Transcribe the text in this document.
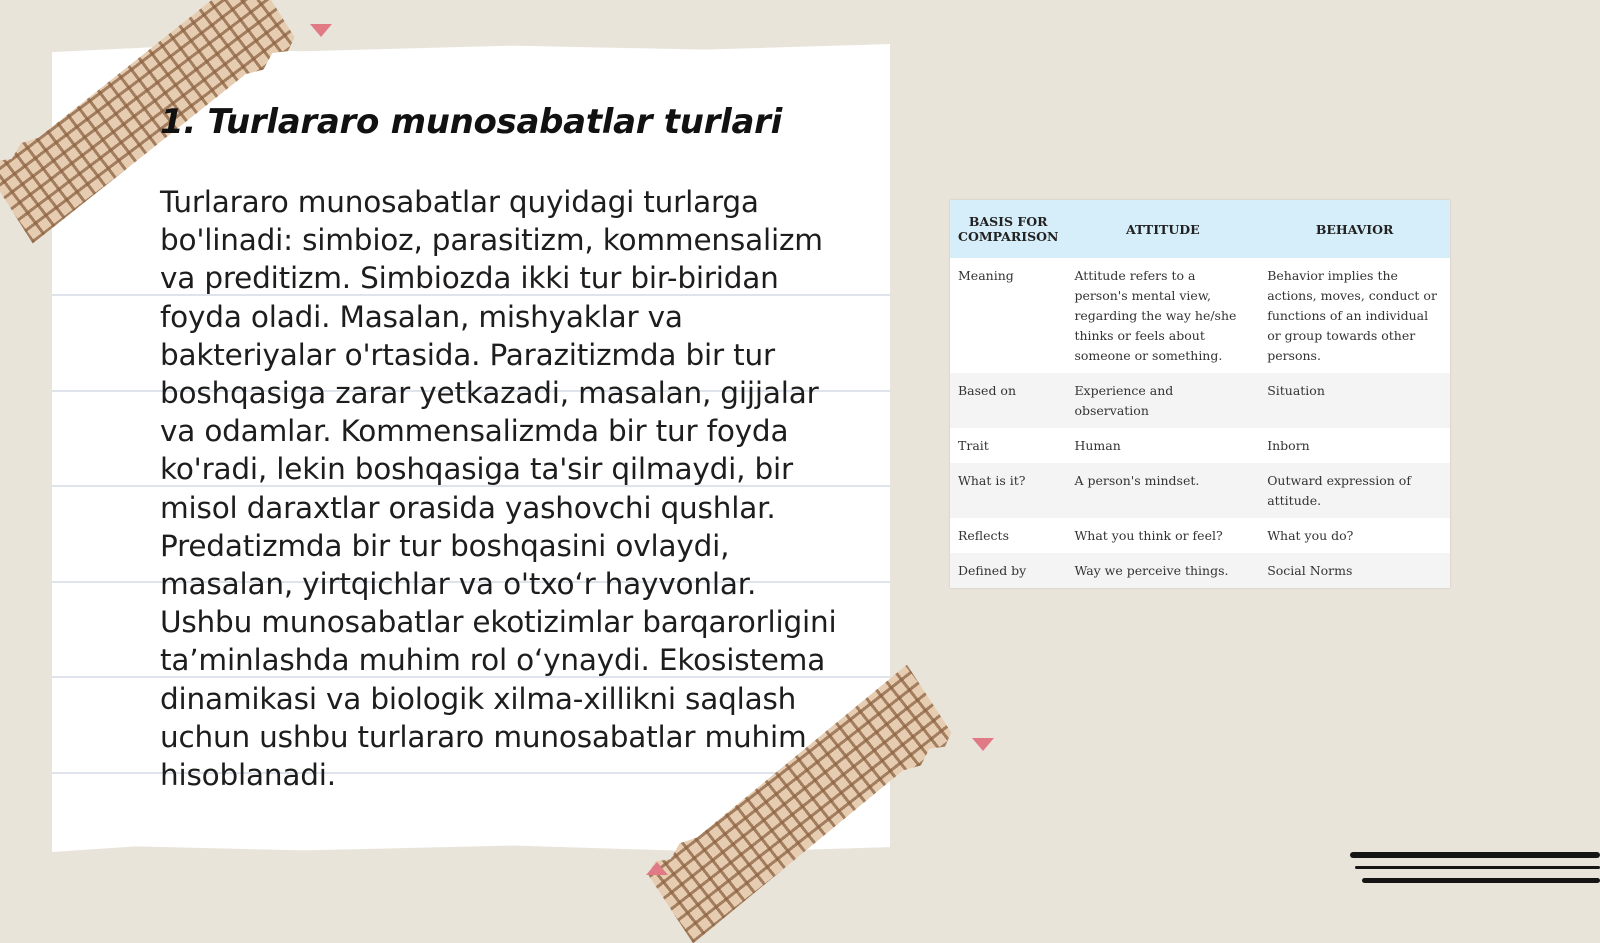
1. Turlararo munosabatlar turlari

Turlararo munosabatlar quyidagi turlarga bo'linadi: simbioz, parasitizm, kommensalizm va preditizm. Simbiozda ikki tur bir-biridan foyda oladi. Masalan, mishyaklar va bakteriyalar o'rtasida. Parazitizmda bir tur boshqasiga zarar yetkazadi, masalan, gijjalar va odamlar. Kommensalizmda bir tur foyda ko'radi, lekin boshqasiga ta'sir qilmaydi, bir misol daraxtlar orasida yashovchi qushlar. Predatizmda bir tur boshqasini ovlaydi, masalan, yirtqichlar va o'txo‘r hayvonlar. Ushbu munosabatlar ekotizimlar barqarorligini ta’minlashda muhim rol o‘ynaydi. Ekosistema dinamikasi va biologik xilma-xillikni saqlash uchun ushbu turlararo munosabatlar muhim hisoblanadi.

BASIS FOR COMPARISON	ATTITUDE	BEHAVIOR
Meaning	Attitude refers to a person's mental view, regarding the way he/she thinks or feels about someone or something.	Behavior implies the actions, moves, conduct or functions of an individual or group towards other persons.
Based on	Experience and observation	Situation
Trait	Human	Inborn
What is it?	A person's mindset.	Outward expression of attitude.
Reflects	What you think or feel?	What you do?
Defined by	Way we perceive things.	Social Norms
